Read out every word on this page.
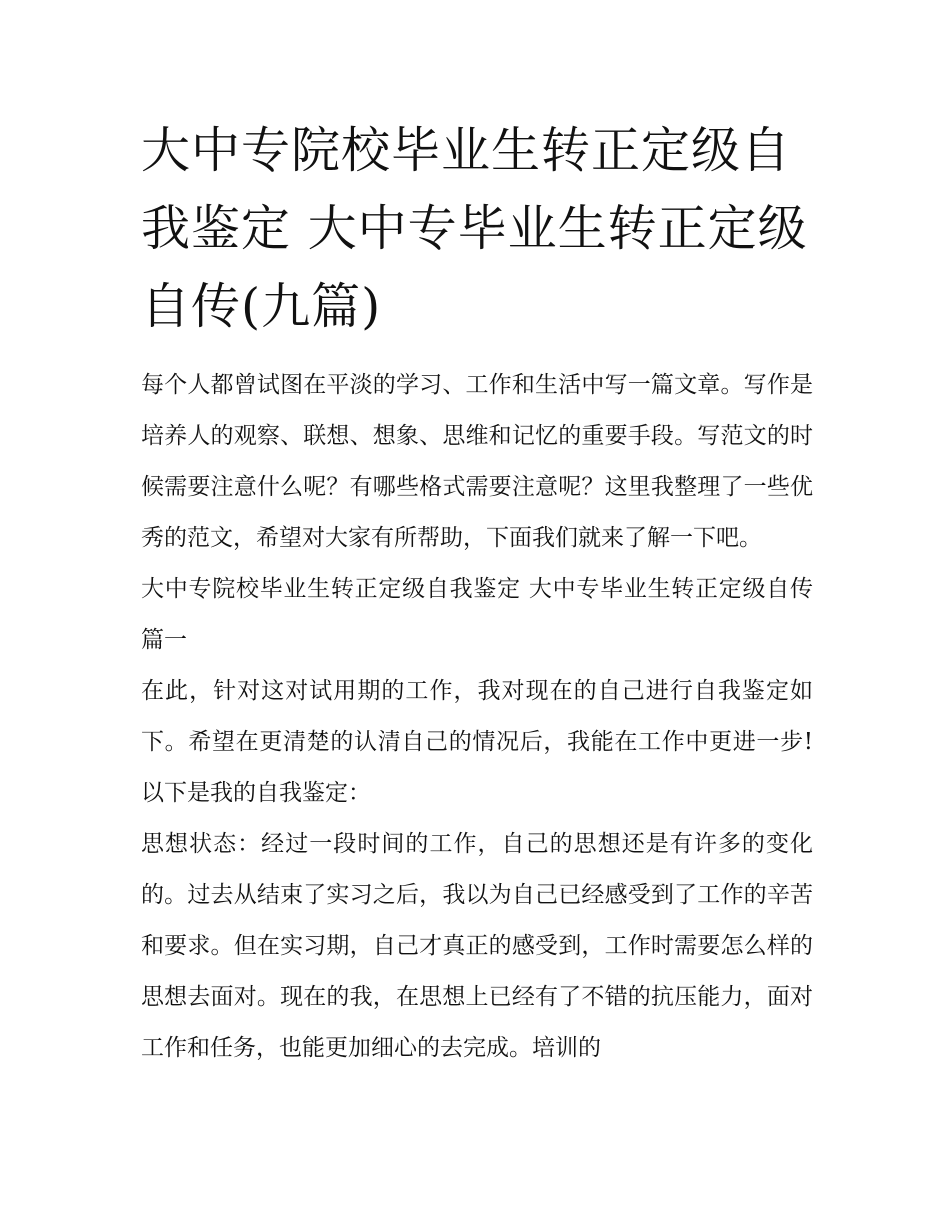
大中专院校毕业生转正定级自我鉴定 大中专毕业生转正定级自传(九篇)

每个人都曾试图在平淡的学习、工作和生活中写一篇文章。写作是培养人的观察、联想、想象、思维和记忆的重要手段。写范文的时候需要注意什么呢？有哪些格式需要注意呢？这里我整理了一些优秀的范文，希望对大家有所帮助，下面我们就来了解一下吧。

大中专院校毕业生转正定级自我鉴定 大中专毕业生转正定级自传篇一

在此，针对这对试用期的工作，我对现在的自己进行自我鉴定如下。希望在更清楚的认清自己的情况后，我能在工作中更进一步!以下是我的自我鉴定：

思想状态：经过一段时间的工作，自己的思想还是有许多的变化的。过去从结束了实习之后，我以为自己已经感受到了工作的辛苦和要求。但在实习期，自己才真正的感受到，工作时需要怎么样的思想去面对。现在的我，在思想上已经有了不错的抗压能力，面对工作和任务，也能更加细心的去完成。培训的
